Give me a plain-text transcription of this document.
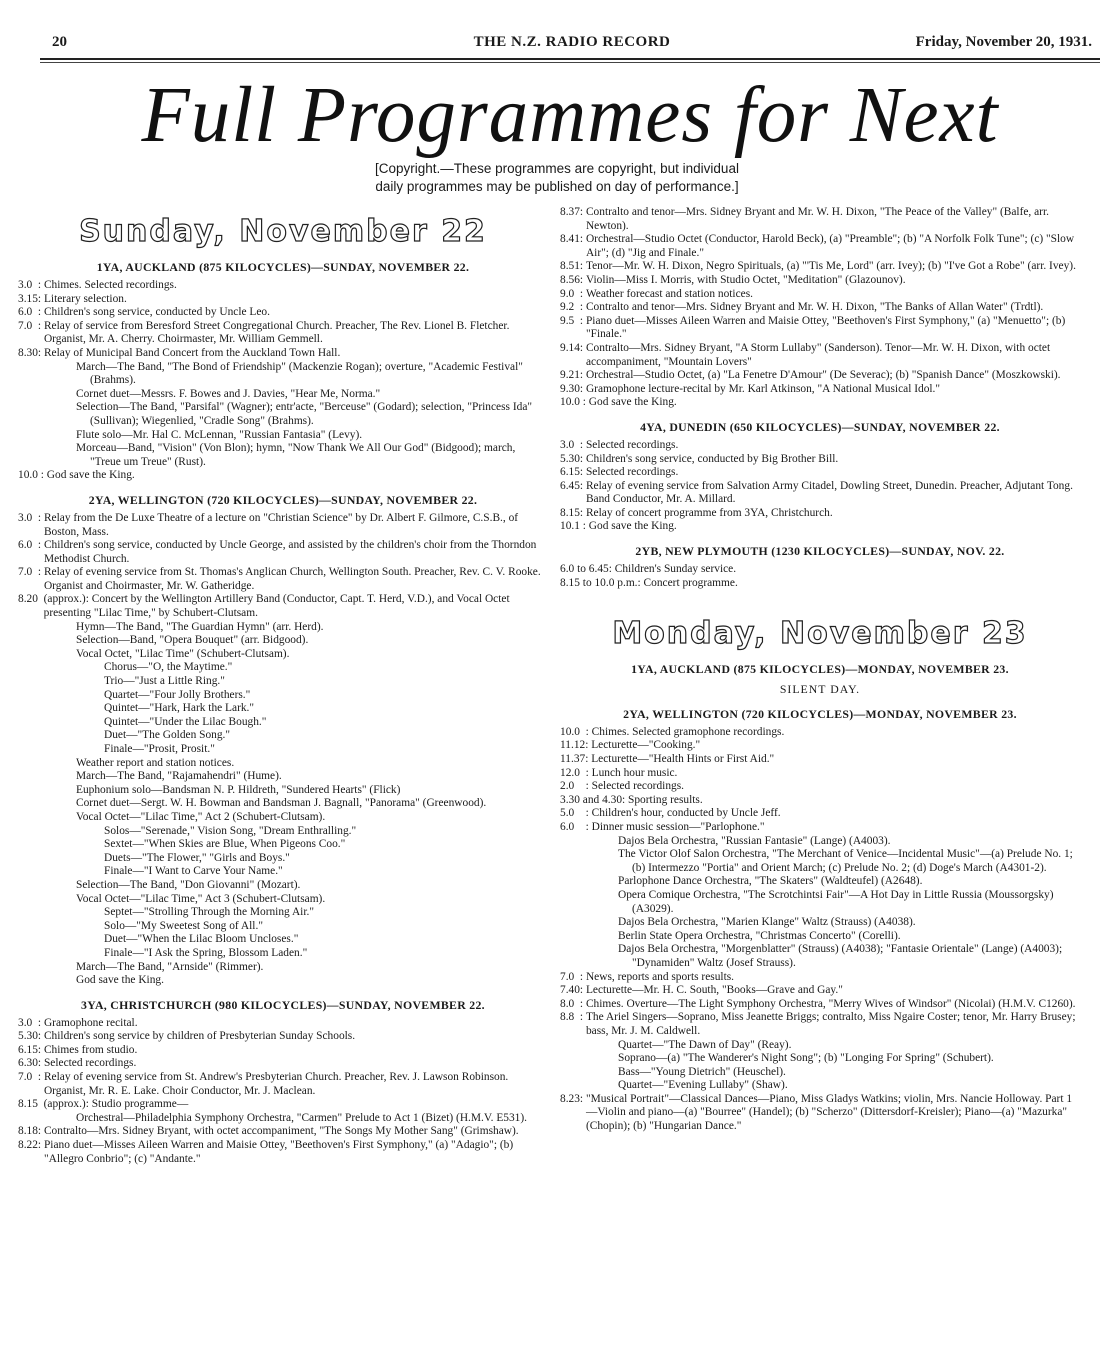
20	THE N.Z. RADIO RECORD	Friday, November 20, 1931.
Full Programmes for Next
[Copyright.—These programmes are copyright, but individual
daily programmes may be published on day of performance.]
Sunday, November 22
1YA, AUCKLAND (875 KILOCYCLES)—SUNDAY, NOVEMBER 22.
3.0  : Chimes. Selected recordings.
3.15: Literary selection.
6.0  : Children's song service, conducted by Uncle Leo.
7.0  : Relay of service from Beresford Street Congregational Church. Preacher, The Rev. Lionel B. Fletcher. Organist, Mr. A. Cherry. Choirmaster, Mr. William Gemmell.
8.30: Relay of Municipal Band Concert from the Auckland Town Hall.
March—The Band, "The Bond of Friendship" (Mackenzie Rogan); overture, "Academic Festival" (Brahms).
Cornet duet—Messrs. F. Bowes and J. Davies, "Hear Me, Norma."
Selection—The Band, "Parsifal" (Wagner); entr'acte, "Berceuse" (Godard); selection, "Princess Ida" (Sullivan); Wiegenlied, "Cradle Song" (Brahms).
Flute solo—Mr. Hal C. McLennan, "Russian Fantasia" (Levy).
Morceau—Band, "Vision" (Von Blon); hymn, "Now Thank We All Our God" (Bidgood); march, "Treue um Treue" (Rust).
10.0 : God save the King.
2YA, WELLINGTON (720 KILOCYCLES)—SUNDAY, NOVEMBER 22.
3.0  : Relay from the De Luxe Theatre of a lecture on "Christian Science" by Dr. Albert F. Gilmore, C.S.B., of Boston, Mass.
6.0  : Children's song service, conducted by Uncle George, and assisted by the children's choir from the Thorndon Methodist Church.
7.0  : Relay of evening service from St. Thomas's Anglican Church, Wellington South. Preacher, Rev. C. V. Rooke. Organist and Choirmaster, Mr. W. Gatheridge.
8.20 (approx.): Concert by the Wellington Artillery Band (Conductor, Capt. T. Herd, V.D.), and Vocal Octet presenting "Lilac Time," by Schubert-Clutsam.
Hymn—The Band, "The Guardian Hymn" (arr. Herd).
Selection—Band, "Opera Bouquet" (arr. Bidgood).
Vocal Octet, "Lilac Time" (Schubert-Clutsam).
Chorus—"O, the Maytime."
Trio—"Just a Little Ring."
Quartet—"Four Jolly Brothers."
Quintet—"Hark, Hark the Lark."
Quintet—"Under the Lilac Bough."
Duet—"The Golden Song."
Finale—"Prosit, Prosit."
Weather report and station notices.
March—The Band, "Rajamahendri" (Hume).
Euphonium solo—Bandsman N. P. Hildreth, "Sundered Hearts" (Flick)
Cornet duet—Sergt. W. H. Bowman and Bandsman J. Bagnall, "Panorama" (Greenwood).
Vocal Octet—"Lilac Time," Act 2 (Schubert-Clutsam).
Solos—"Serenade," Vision Song, "Dream Enthralling."
Sextet—"When Skies are Blue, When Pigeons Coo."
Duets—"The Flower," "Girls and Boys."
Finale—"I Want to Carve Your Name."
Selection—The Band, "Don Giovanni" (Mozart).
Vocal Octet—"Lilac Time," Act 3 (Schubert-Clutsam).
Septet—"Strolling Through the Morning Air."
Solo—"My Sweetest Song of All."
Duet—"When the Lilac Bloom Uncloses."
Finale—"I Ask the Spring, Blossom Laden."
March—The Band, "Arnside" (Rimmer).
God save the King.
3YA, CHRISTCHURCH (980 KILOCYCLES)—SUNDAY, NOVEMBER 22.
3.0  : Gramophone recital.
5.30: Children's song service by children of Presbyterian Sunday Schools.
6.15: Chimes from studio.
6.30: Selected recordings.
7.0  : Relay of evening service from St. Andrew's Presbyterian Church. Preacher, Rev. J. Lawson Robinson. Organist, Mr. R. E. Lake. Choir Conductor, Mr. J. Maclean.
8.15 (approx.): Studio programme—
Orchestral—Philadelphia Symphony Orchestra, "Carmen" Prelude to Act 1 (Bizet) (H.M.V. E531).
8.18: Contralto—Mrs. Sidney Bryant, with octet accompaniment, "The Songs My Mother Sang" (Grimshaw).
8.22: Piano duet—Misses Aileen Warren and Maisie Ottey, "Beethoven's First Symphony," (a) "Adagio"; (b) "Allegro Conbrio"; (c) "Andante."
8.37: Contralto and tenor—Mrs. Sidney Bryant and Mr. W. H. Dixon, "The Peace of the Valley" (Balfe, arr. Newton).
8.41: Orchestral—Studio Octet (Conductor, Harold Beck), (a) "Preamble"; (b) "A Norfolk Folk Tune"; (c) "Slow Air"; (d) "Jig and Finale."
8.51: Tenor—Mr. W. H. Dixon, Negro Spirituals, (a) "'Tis Me, Lord" (arr. Ivey); (b) "I've Got a Robe" (arr. Ivey).
8.56: Violin—Miss I. Morris, with Studio Octet, "Meditation" (Glazounov).
9.0  : Weather forecast and station notices.
9.2  : Contralto and tenor—Mrs. Sidney Bryant and Mr. W. H. Dixon, "The Banks of Allan Water" (Trdtl).
9.5  : Piano duet—Misses Aileen Warren and Maisie Ottey, "Beethoven's First Symphony," (a) "Menuetto"; (b) "Finale."
9.14: Contralto—Mrs. Sidney Bryant, "A Storm Lullaby" (Sanderson). Tenor—Mr. W. H. Dixon, with octet accompaniment, "Mountain Lovers"
9.21: Orchestral—Studio Octet, (a) "La Fenetre D'Amour" (De Severac); (b) "Spanish Dance" (Moszkowski).
9.30: Gramophone lecture-recital by Mr. Karl Atkinson, "A National Musical Idol."
10.0 : God save the King.
4YA, DUNEDIN (650 KILOCYCLES)—SUNDAY, NOVEMBER 22.
3.0  : Selected recordings.
5.30: Children's song service, conducted by Big Brother Bill.
6.15: Selected recordings.
6.45: Relay of evening service from Salvation Army Citadel, Dowling Street, Dunedin. Preacher, Adjutant Tong. Band Conductor, Mr. A. Millard.
8.15: Relay of concert programme from 3YA, Christchurch.
10.1 : God save the King.
2YB, NEW PLYMOUTH (1230 KILOCYCLES)—SUNDAY, NOV. 22.
6.0 to 6.45: Children's Sunday service.
8.15 to 10.0 p.m.: Concert programme.
Monday, November 23
1YA, AUCKLAND (875 KILOCYCLES)—MONDAY, NOVEMBER 23.
SILENT DAY.
2YA, WELLINGTON (720 KILOCYCLES)—MONDAY, NOVEMBER 23.
10.0  : Chimes. Selected gramophone recordings.
11.12: Lecturette—"Cooking."
11.37: Lecturette—"Health Hints or First Aid."
12.0  : Lunch hour music.
2.0    : Selected recordings.
3.30 and 4.30: Sporting results.
5.0    : Children's hour, conducted by Uncle Jeff.
6.0    : Dinner music session—"Parlophone."
Dajos Bela Orchestra, "Russian Fantasie" (Lange) (A4003).
The Victor Olof Salon Orchestra, "The Merchant of Venice—Incidental Music"—(a) Prelude No. 1; (b) Intermezzo "Portia" and Orient March; (c) Prelude No. 2; (d) Doge's March (A4301-2).
Parlophone Dance Orchestra, "The Skaters" (Waldteufel) (A2648).
Opera Comique Orchestra, "The Scrotchintsi Fair"—A Hot Day in Little Russia (Moussorgsky) (A3029).
Dajos Bela Orchestra, "Marien Klange" Waltz (Strauss) (A4038).
Berlin State Opera Orchestra, "Christmas Concerto" (Corelli).
Dajos Bela Orchestra, "Morgenblatter" (Strauss) (A4038); "Fantasie Orientale" (Lange) (A4003); "Dynamiden" Waltz (Josef Strauss).
7.0  : News, reports and sports results.
7.40: Lecturette—Mr. H. C. South, "Books—Grave and Gay."
8.0  : Chimes. Overture—The Light Symphony Orchestra, "Merry Wives of Windsor" (Nicolai) (H.M.V. C1260).
8.8  : The Ariel Singers—Soprano, Miss Jeanette Briggs; contralto, Miss Ngaire Coster; tenor, Mr. Harry Brusey; bass, Mr. J. M. Caldwell.
Quartet—"The Dawn of Day" (Reay).
Soprano—(a) "The Wanderer's Night Song"; (b) "Longing For Spring" (Schubert).
Bass—"Young Dietrich" (Heuschel).
Quartet—"Evening Lullaby" (Shaw).
8.23: "Musical Portrait"—Classical Dances—Piano, Miss Gladys Watkins; violin, Mrs. Nancie Holloway. Part 1—Violin and piano—(a) "Bourree" (Handel); (b) "Scherzo" (Dittersdorf-Kreisler); Piano—(a) "Mazurka" (Chopin); (b) "Hungarian Dance."
